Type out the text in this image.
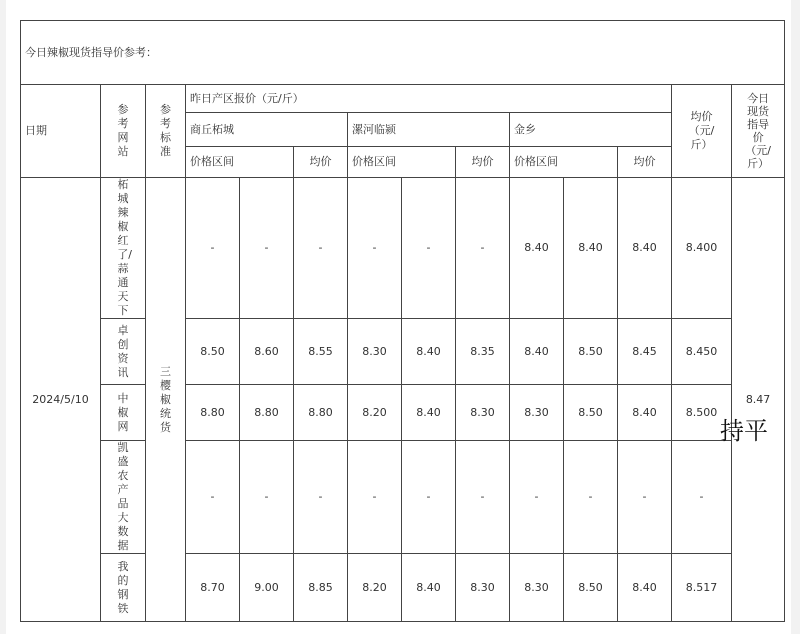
今日辣椒现货指导价参考：													
日期	参考网站	参考标准	昨日产区报价（元/斤）									均价（元/斤）	今日现货指导价（元/斤）

			商丘柘城			漯河临颍			金乡				
			价格区间		均价	价格区间		均价	价格区间		均价		
2024/5/10	柘城辣椒红了/蒜通天下	三樱椒统货	-	-	-	-	-	-	8.40	8.40	8.40	8.400	8.47

	卓创资讯		8.50	8.60	8.55	8.30	8.40	8.35	8.40	8.50	8.45	8.450	

	中椒网		8.80	8.80	8.80	8.20	8.40	8.30	8.30	8.50	8.40	8.500	

	凯盛农产品大数据		-	-	-	-	-	-	-	-	-	-	

	我的钢铁		8.70	9.00	8.85	8.20	8.40	8.30	8.30	8.50	8.40	8.517	
持平
